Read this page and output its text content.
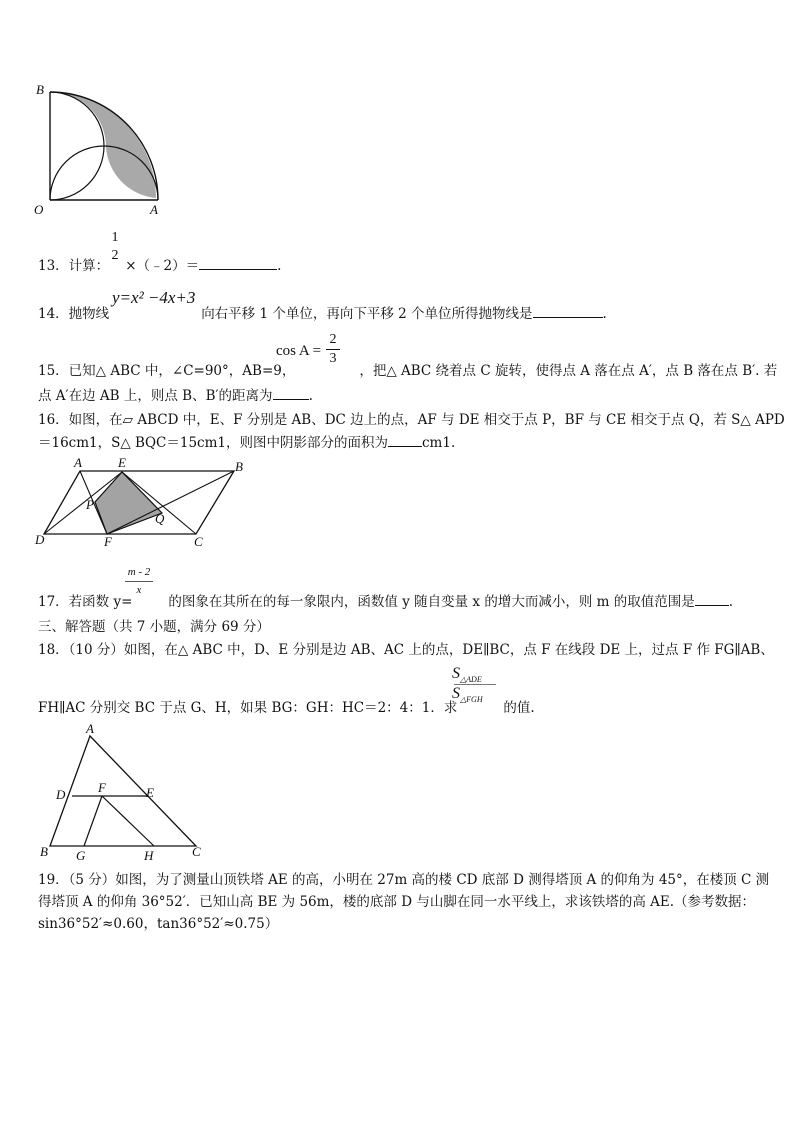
B
O	A
1
2
13．计算： ×（﹣2）＝	.
y=x² −4x+3
14．抛物线	向右平移 1 个单位，再向下平移 2 个单位所得抛物线是	.
cos A =
2
3
15．已知△ ABC 中，∠C=90°，AB=9，	，把△ ABC 绕着点 C 旋转，使得点 A 落在点 A′，点 B 落在点 B′. 若
点 A′在边 AB 上，则点 B、B′的距离为	.
16．如图，在▱ ABCD 中，E、F 分别是 AB、DC 边上的点，AF 与 DE 相交于点 P，BF 与 CE 相交于点 Q，若 S△ APD
＝16cm1，S△ BQC＝15cm1，则图中阴影部分的面积为	cm1.
A	E	B
P
Q
D	F	C
m - 2
x
17．若函数 y=	的图象在其所在的每一象限内，函数值 y 随自变量 x 的增大而减小，则 m 的取值范围是	.
三、解答题（共 7 小题，满分 69 分）
18．（10 分）如图，在△ ABC 中，D、E 分别是边 AB、AC 上的点，DE∥BC，点 F 在线段 DE 上，过点 F 作 FG∥AB、
$S_{\triangle ADE}$
$S_{\triangle FGH}$
FH∥AC 分别交 BC 于点 G、H，如果 BG：GH：HC＝2：4：1．求	的值.
A
D	F	E
B G	H	C
19．（5 分）如图，为了测量山顶铁塔 AE 的高，小明在 27m 高的楼 CD 底部 D 测得塔顶 A 的仰角为 45°，在楼顶 C 测
得塔顶 A 的仰角 36°52′．已知山高 BE 为 56m，楼的底部 D 与山脚在同一水平线上，求该铁塔的高 AE.（参考数据：
sin36°52′≈0.60，tan36°52′≈0.75）
